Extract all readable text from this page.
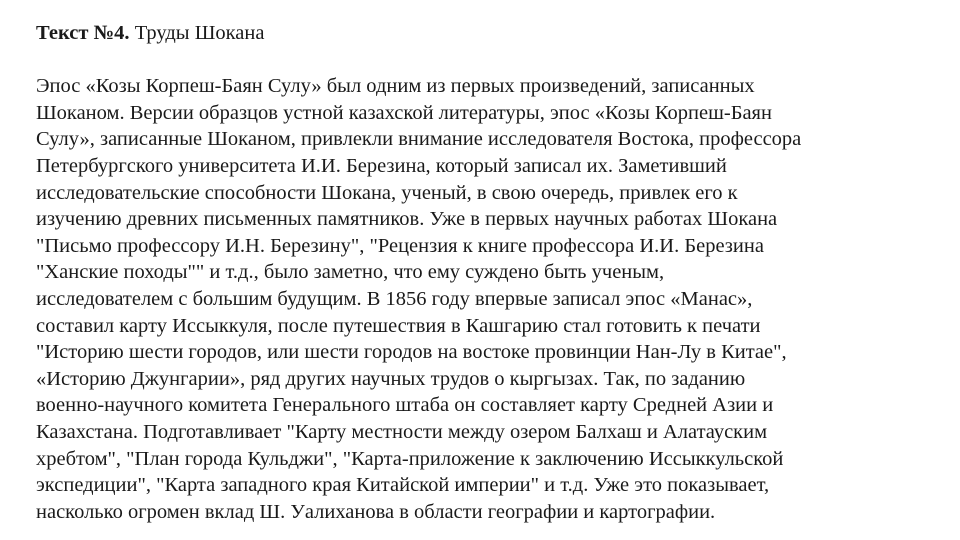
Текст №4. Труды Шокана

Эпос «Козы Корпеш-Баян Сулу» был одним из первых произведений, записанных
Шоканом. Версии образцов устной казахской литературы, эпос «Козы Корпеш-Баян
Сулу», записанные Шоканом, привлекли внимание исследователя Востока, профессора
Петербургского университета И.И. Березина, который записал их. Заметивший
исследовательские способности Шокана, ученый, в свою очередь, привлек его к
изучению древних письменных памятников. Уже в первых научных работах Шокана
"Письмо профессору И.Н. Березину", "Рецензия к книге профессора И.И. Березина
"Ханские походы"" и т.д., было заметно, что ему суждено быть ученым,
исследователем с большим будущим. В 1856 году впервые записал эпос «Манас»,
составил карту Иссыккуля, после путешествия в Кашгарию стал готовить к печати
"Историю шести городов, или шести городов на востоке провинции Нан-Лу в Китае",
«Историю Джунгарии», ряд других научных трудов о кыргызах. Так, по заданию
военно-научного комитета Генерального штаба он составляет карту Средней Азии и
Казахстана. Подготавливает "Карту местности между озером Балхаш и Алатауским
хребтом", "План города Кульджи", "Карта-приложение к заключению Иссыккульской
экспедиции", "Карта западного края Китайской империи" и т.д. Уже это показывает,
насколько огромен вклад Ш. Уалиханова в области географии и картографии.
